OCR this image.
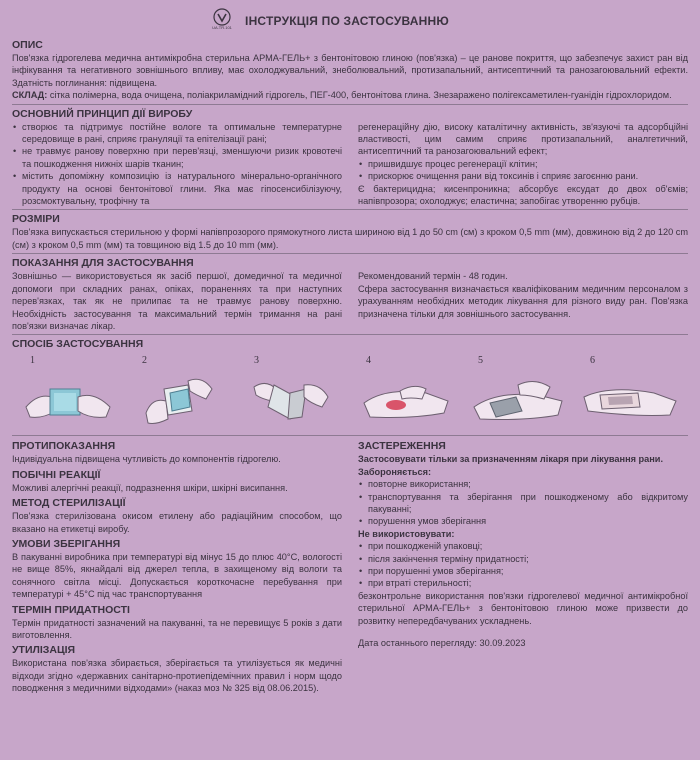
UA.TR.101 ІНСТРУКЦІЯ ПО ЗАСТОСУВАННЮ
ОПИС
Пов'язка гідрогелева медична антимікробна стерильна АРМА-ГЕЛЬ+ з бентонітовою глиною (пов'язка) – це ранове покриття, що забезпечує захист ран від інфікування та негативного зовнішнього впливу, має охолоджувальний, знеболювальний, протизапальний, антисептичний та ранозагоювальний ефекти. Здатність поглинання: підвищена.
СКЛАД: сітка полімерна, вода очищена, поліакриламідний гідрогель, ПЕГ-400, бентонітова глина. Знезаражено полігексаметилен-гуанідін гідрохлоридом.
ОСНОВНИЙ ПРИНЦИП ДІЇ ВИРОБУ
• створює та підтримує постійне вологе та оптимальне температурне середовище в рані, сприяє грануляції та епітелізації рані;
• не травмує ранову поверхню при перев'язці, зменшуючи ризик кровотечі та пошкодження нижніх шарів тканин;
• містить допоміжну композицію із натурального мінерально-органічного продукту на основі бентонітової глини. Яка має гіпосенсибілізуючу, розсмоктувальну, трофічну та
регенераційну дію, високу каталітичну активність, зв'язуючі та адсорбційні властивості, цим самим сприяє протизапальний, аналгетичний, антисептичний та ранозагоювальний ефект;
• пришвидшує процес регенерації клітин;
• прискорює очищення рани від токсинів і сприяє загоєнню рани.
Є бактерицидна; кисенпроникна; абсорбує ексудат до двох об'ємів; напівпрозора; охолоджує; еластична; запобігає утворенню рубців.
РОЗМІРИ
Пов'язка випускається стерильною у формі напівпрозорого прямокутного листа шириною від 1 до 50 cm (см) з кроком 0,5 mm (мм), довжиною від 2 до 120 cm (см) з кроком 0,5 mm (мм) та товщиною від 1.5 до 10 mm (мм).
ПОКАЗАННЯ ДЛЯ ЗАСТОСУВАННЯ
Зовнішньо — використовується як засіб першої, домедичної та медичної допомоги при складних ранах, опіках, пораненнях та при наступних перев'язках, так як не прилипає та не травмує ранову поверхню. Необхідність застосування та максимальний термін тримання на рані пов'язки визначає лікар.
Рекомендований термін - 48 годин.
Сфера застосування визначається кваліфікованим медичним персоналом з урахуванням необхідних методик лікування для різного виду ран. Пов'язка призначена тільки для зовнішнього застосування.
СПОСІБ ЗАСТОСУВАННЯ
1	2	3	4	5	6
ПРОТИПОКАЗАННЯ
Індивідуальна підвищена чутливість до компонентів гідрогелю.
ПОБІЧНІ РЕАКЦІЇ
Можливі алергічні реакції, подразнення шкіри, шкірні висипання.
МЕТОД СТЕРИЛІЗАЦІЇ
Пов'язка стерилізована окисом етилену або радіаційним способом, що вказано на етикетці виробу.
УМОВИ ЗБЕРІГАННЯ
В пакуванні виробника при температурі від мінус 15 до плюс 40°С, вологості не вище 85%, якнайдалі від джерел тепла, в захищеному від вологи та сонячного світла місці. Допускається короткочасне перебування при температурі + 45°С під час транспортування
ТЕРМІН ПРИДАТНОСТІ
Термін придатності зазначений на пакуванні, та не перевищує 5 років з дати виготовлення.
УТИЛІЗАЦІЯ
Використана пов'язка збирається, зберігається та утилізується як медичні відходи згідно «державних санітарно-протиепідемічних правил і норм щодо поводження з медичними відходами» (наказ моз № 325 від 08.06.2015).
ЗАСТЕРЕЖЕННЯ
Застосовувати тільки за призначенням лікаря при лікування рани.
Забороняється:
• повторне використання;
• транспортування та зберігання при пошкодженому або відкритому пакуванні;
• порушення умов зберігання
Не використовувати:
• при пошкодженій упаковці;
• після закінчення терміну придатності;
• при порушенні умов зберігання;
• при втраті стерильності;
безконтрольне використання пов'язки гідрогелевої медичної антимікробної стерильної АРМА-ГЕЛЬ+ з бентонітовою глиною може призвести до розвитку непередбачуваних ускладнень.
Дата останнього перегляду: 30.09.2023
